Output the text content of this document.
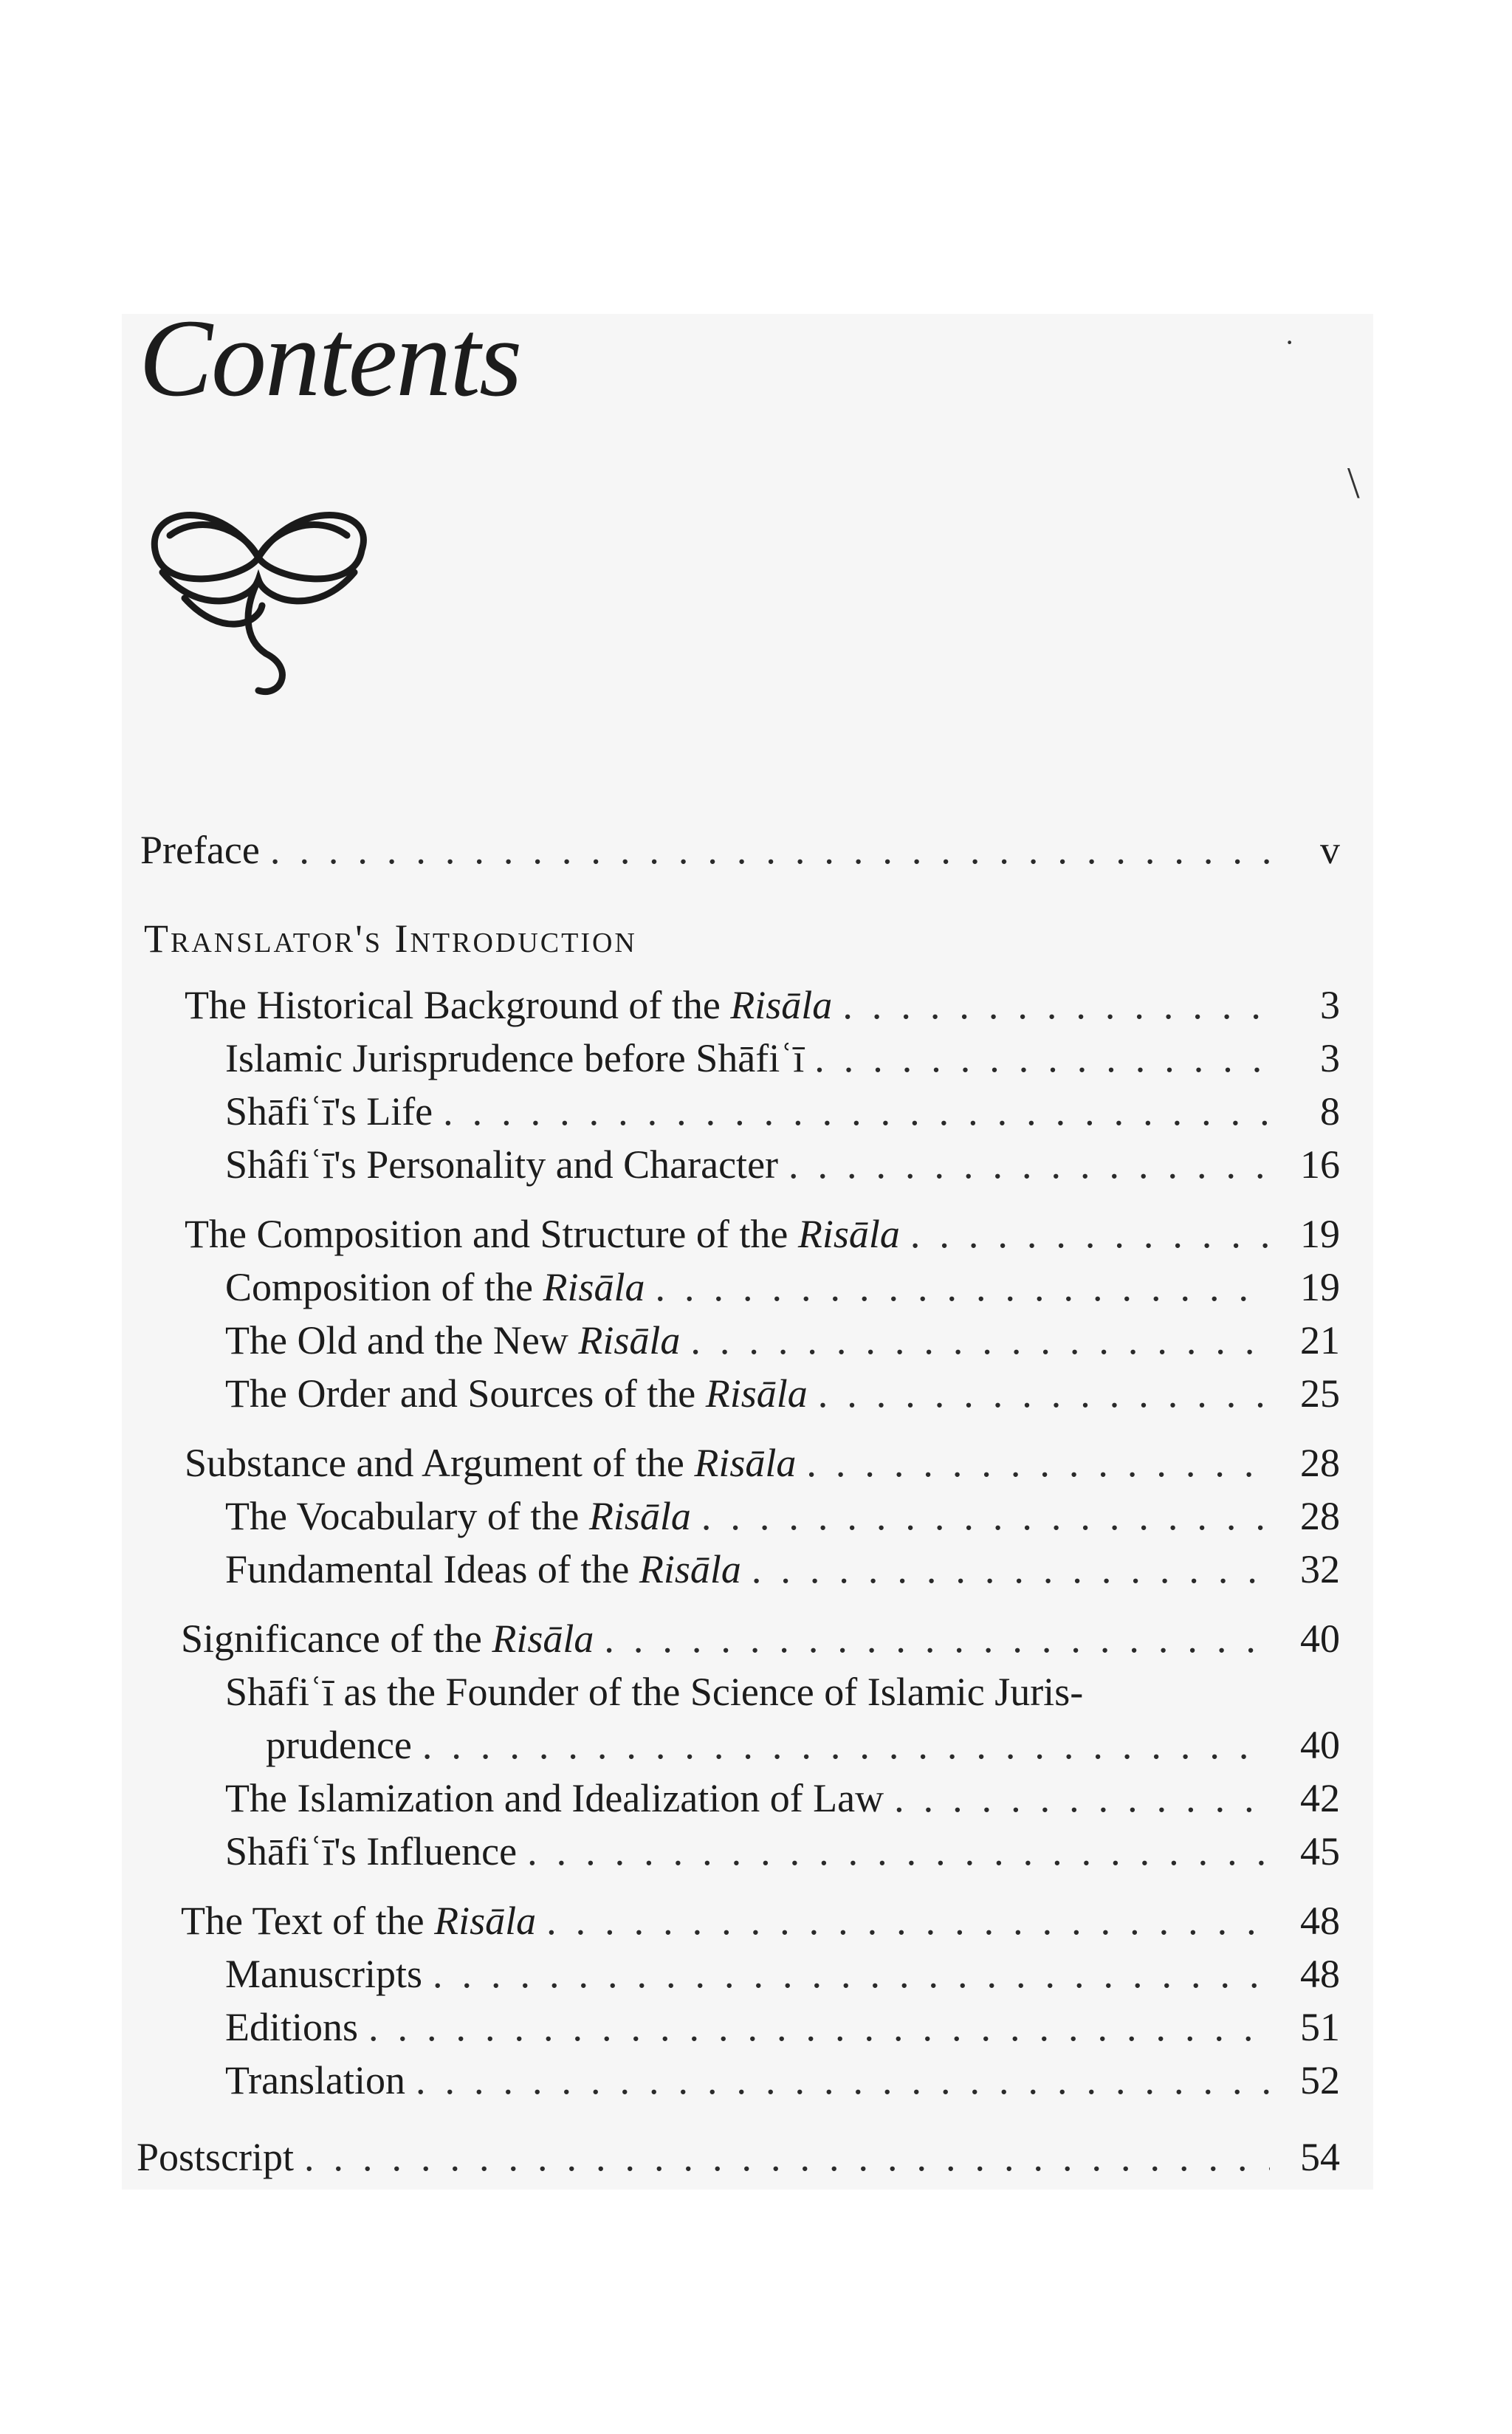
Contents
Preface .....	v
Translator's Introduction
The Historical Background of the Risāla .....	3
Islamic Jurisprudence before Shāfiʿī .....	3
Shāfiʿī's Life .....	8
Shâfiʿī's Personality and Character .....	16
The Composition and Structure of the Risāla .....	19
Composition of the Risāla .....	19
The Old and the New Risāla .....	21
The Order and Sources of the Risāla .....	25
Substance and Argument of the Risāla .....	28
The Vocabulary of the Risāla .....	28
Fundamental Ideas of the Risāla .....	32
Significance of the Risāla .....	40
Shāfiʿī as the Founder of the Science of Islamic Juris-
prudence .....	40
The Islamization and Idealization of Law .....	42
Shāfiʿī's Influence .....	45
The Text of the Risāla .....	48
Manuscripts .....	48
Editions .....	51
Translation .....	52
Postscript .....	54
·
\
